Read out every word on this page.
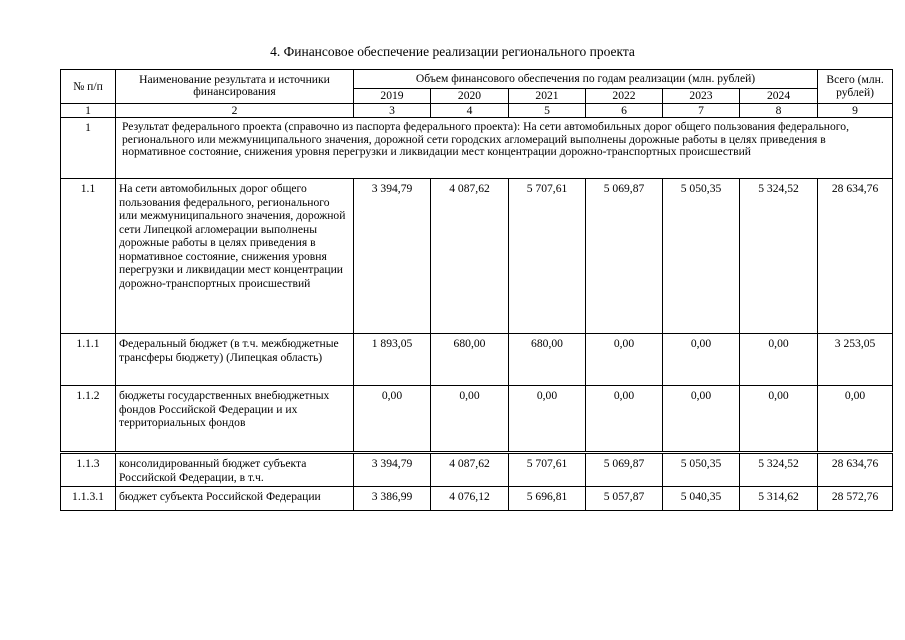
4. Финансовое обеспечение реализации регионального проекта
№ п/п	Наименование результата и источники финансирования	Объем финансового обеспечения по годам реализации (млн. рублей)						Всего (млн. рублей)
		2019	2020	2021	2022	2023	2024	
1	2	3	4	5	6	7	8	9
1	Результат федерального проекта (справочно из паспорта федерального проекта): На сети автомобильных дорог общего пользования федерального, регионального или межмуниципального значения, дорожной сети городских агломераций выполнены дорожные работы в целях приведения в нормативное состояние, снижения уровня перегрузки и ликвидации мест концентрации дорожно-транспортных происшествий							
1.1	На сети автомобильных дорог общего пользования федерального, регионального или межмуниципального значения, дорожной сети Липецкой агломерации выполнены дорожные работы в целях приведения в нормативное состояние, снижения уровня перегрузки и ликвидации мест концентрации дорожно-транспортных происшествий	3 394,79	4 087,62	5 707,61	5 069,87	5 050,35	5 324,52	28 634,76
1.1.1	Федеральный бюджет (в т.ч. межбюджетные трансферы бюджету) (Липецкая область)	1 893,05	680,00	680,00	0,00	0,00	0,00	3 253,05
1.1.2	бюджеты государственных внебюджетных фондов Российской Федерации и их территориальных фондов	0,00	0,00	0,00	0,00	0,00	0,00	0,00
1.1.3	консолидированный бюджет субъекта Российской Федерации, в т.ч.	3 394,79	4 087,62	5 707,61	5 069,87	5 050,35	5 324,52	28 634,76
1.1.3.1	бюджет субъекта Российской Федерации	3 386,99	4 076,12	5 696,81	5 057,87	5 040,35	5 314,62	28 572,76
